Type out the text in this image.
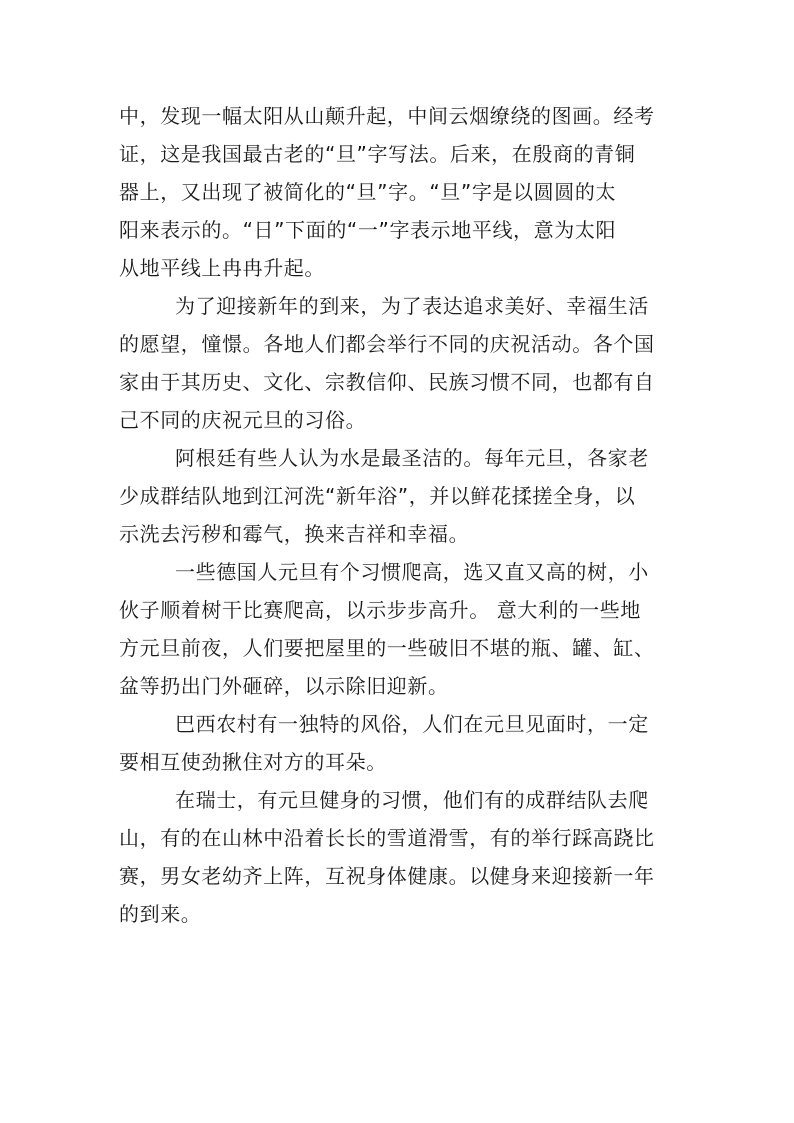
中，发现一幅太阳从山颠升起，中间云烟缭绕的图画。经考
证，这是我国最古老的“旦”字写法。后来，在殷商的青铜
器上，又出现了被简化的“旦”字。“旦”字是以圆圆的太
阳来表示的。“日”下面的“一”字表示地平线，意为太阳
从地平线上冉冉升起。
为了迎接新年的到来，为了表达追求美好、幸福生活
的愿望，憧憬。各地人们都会举行不同的庆祝活动。各个国
家由于其历史、文化、宗教信仰、民族习惯不同，也都有自
己不同的庆祝元旦的习俗。
阿根廷有些人认为水是最圣洁的。每年元旦，各家老
少成群结队地到江河洗“新年浴”，并以鲜花揉搓全身，以
示洗去污秽和霉气，换来吉祥和幸福。
一些德国人元旦有个习惯爬高，选又直又高的树，小
伙子顺着树干比赛爬高，以示步步高升。 意大利的一些地
方元旦前夜，人们要把屋里的一些破旧不堪的瓶、罐、缸、
盆等扔出门外砸碎，以示除旧迎新。
巴西农村有一独特的风俗，人们在元旦见面时，一定
要相互使劲揪住对方的耳朵。
在瑞士，有元旦健身的习惯，他们有的成群结队去爬
山，有的在山林中沿着长长的雪道滑雪，有的举行踩高跷比
赛，男女老幼齐上阵，互祝身体健康。以健身来迎接新一年
的到来。
